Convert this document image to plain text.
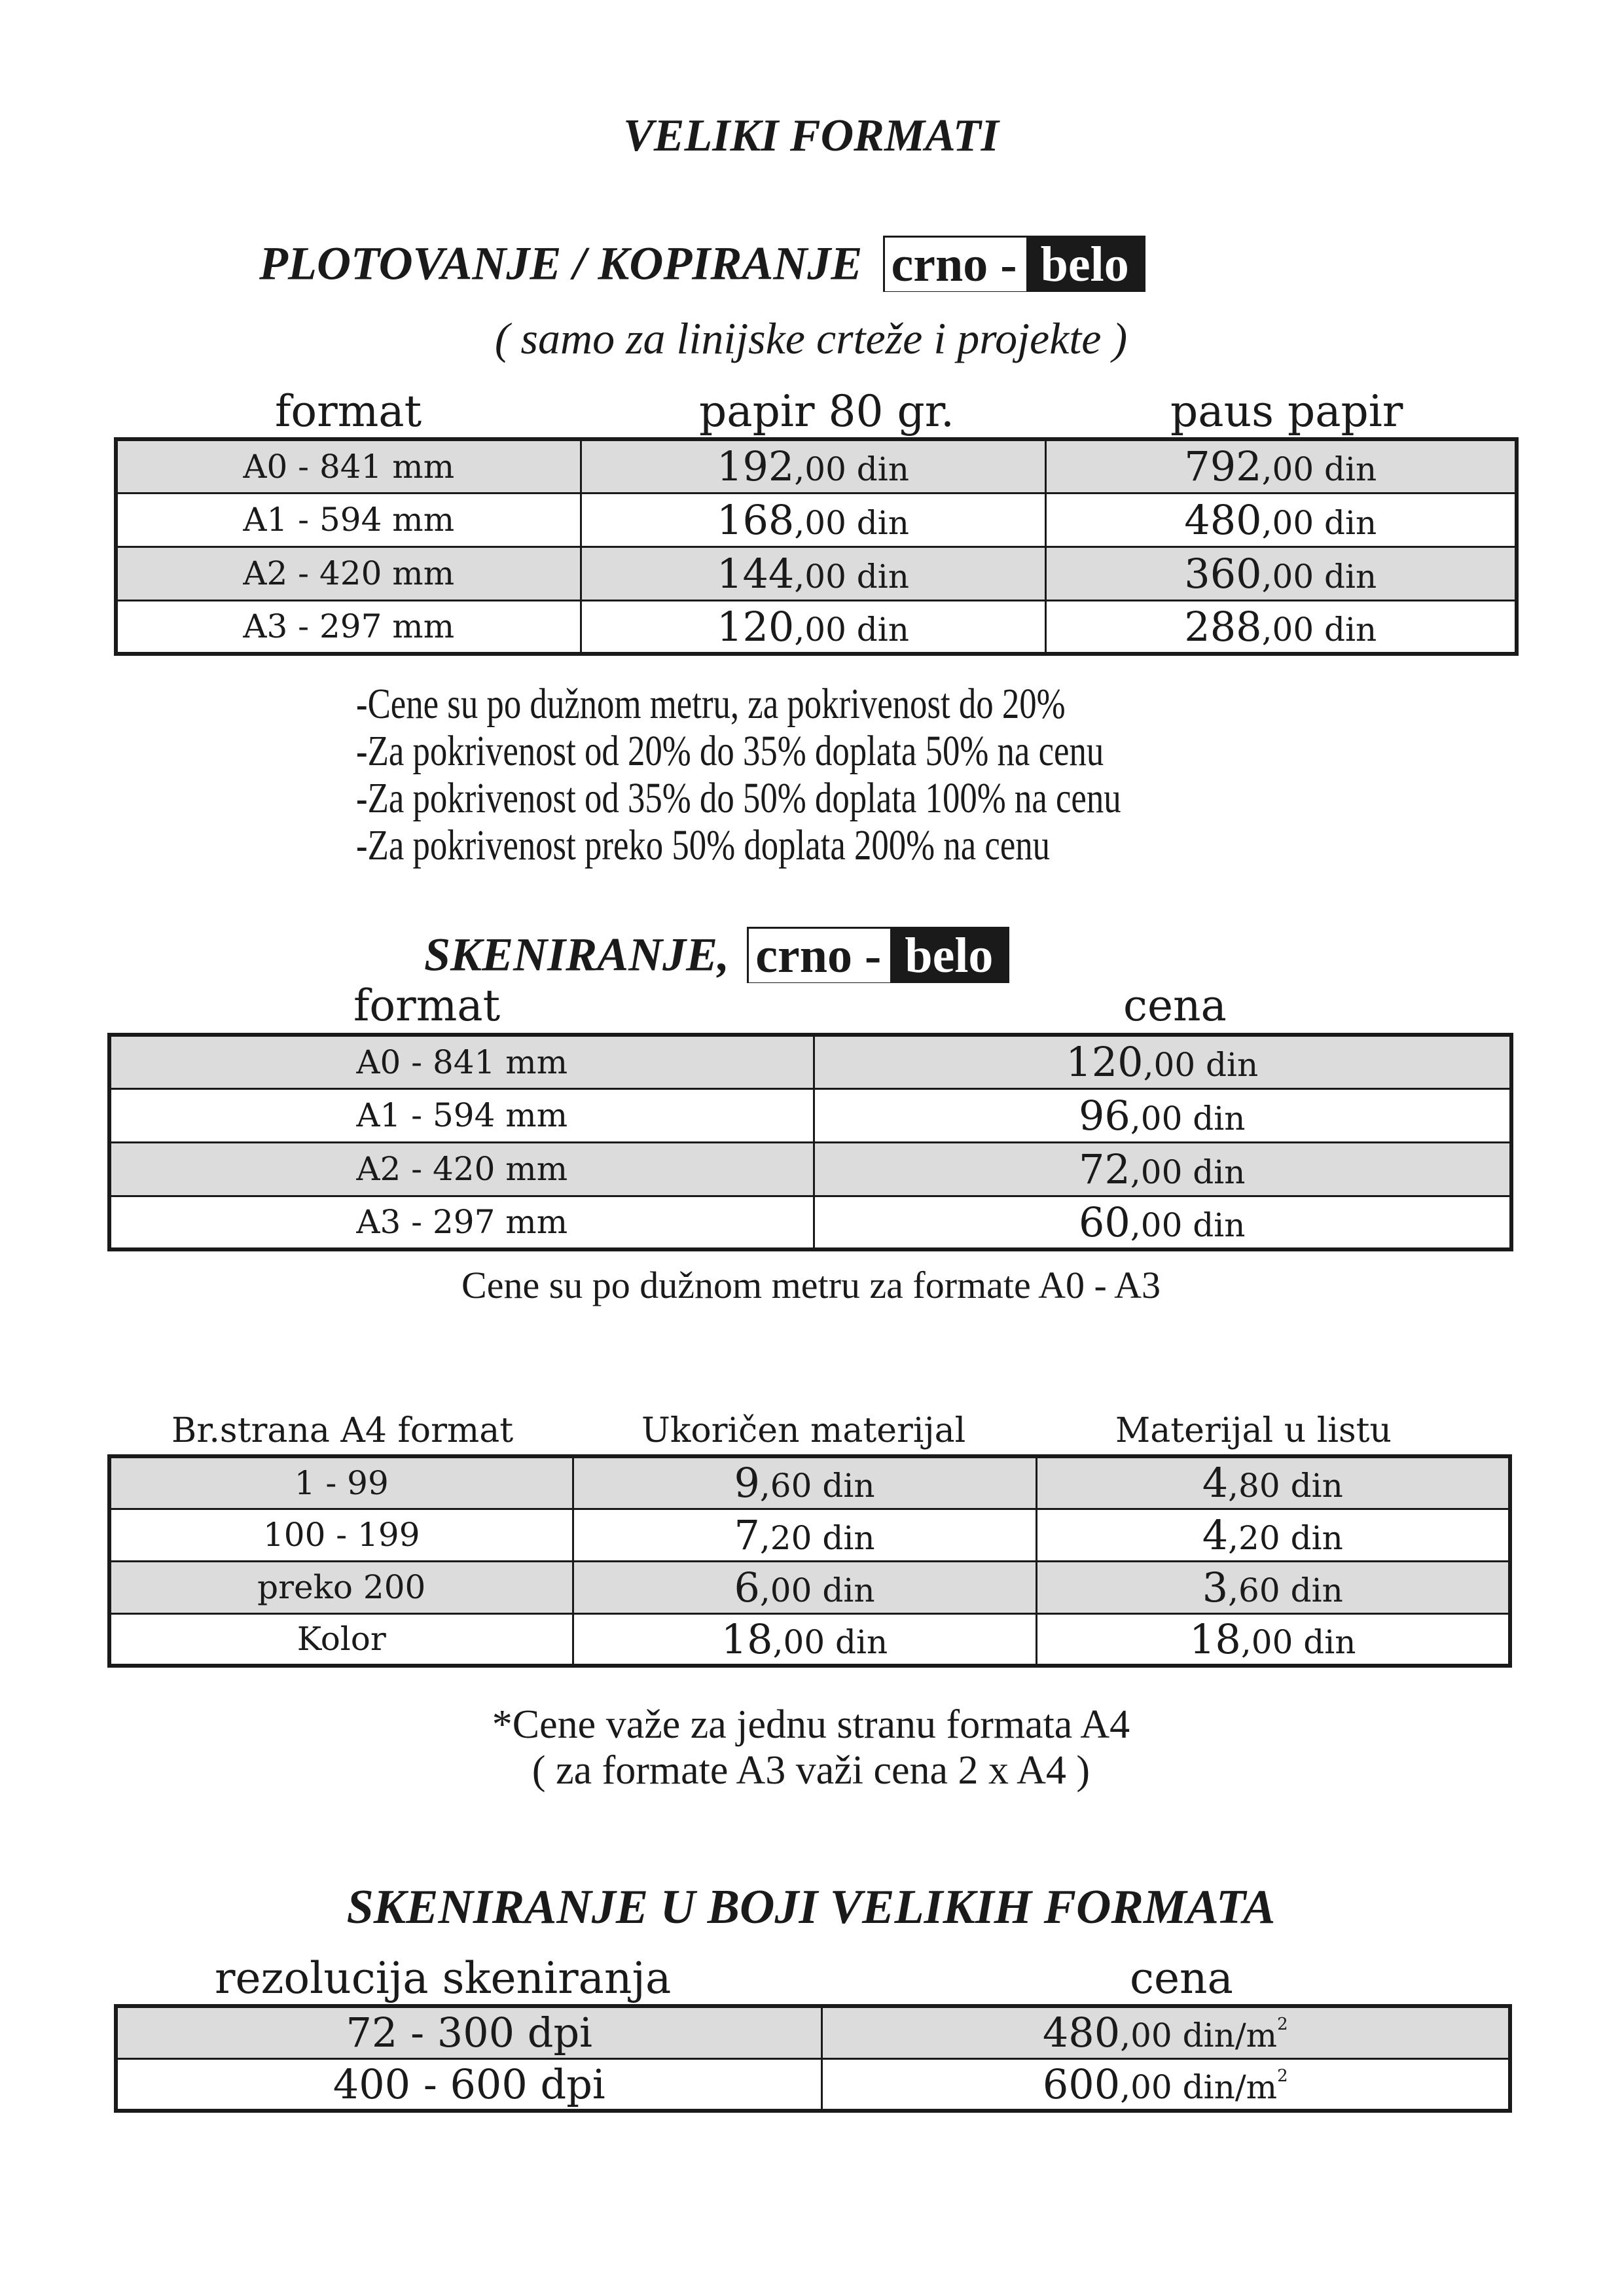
VELIKI FORMATI
PLOTOVANJE / KOPIRANJE crno - belo
( samo za linijske crteže i projekte )
format	papir 80 gr.	paus papir
A0 - 841 mm	192,00 din	792,00 din
A1 - 594 mm	168,00 din	480,00 din
A2 - 420 mm	144,00 din	360,00 din
A3 - 297 mm	120,00 din	288,00 din
-Cene su po dužnom metru, za pokrivenost do 20%
-Za pokrivenost od 20% do 35% doplata 50% na cenu
-Za pokrivenost od 35% do 50% doplata 100% na cenu
-Za pokrivenost preko 50% doplata 200% na cenu
SKENIRANJE, crno - belo
format	cena
A0 - 841 mm	120,00 din
A1 - 594 mm	96,00 din
A2 - 420 mm	72,00 din
A3 - 297 mm	60,00 din
Cene su po dužnom metru za formate A0 - A3
Br.strana A4 format	Ukoričen materijal	Materijal u listu
1 - 99	9,60 din	4,80 din
100 - 199	7,20 din	4,20 din
preko 200	6,00 din	3,60 din
Kolor	18,00 din	18,00 din
*Cene važe za jednu stranu formata A4
( za formate A3 važi cena 2 x A4 )
SKENIRANJE U BOJI VELIKIH FORMATA
rezolucija skeniranja	cena
72 - 300 dpi	480,00 din/$m^2$
400 - 600 dpi	600,00 din/$m^2$
